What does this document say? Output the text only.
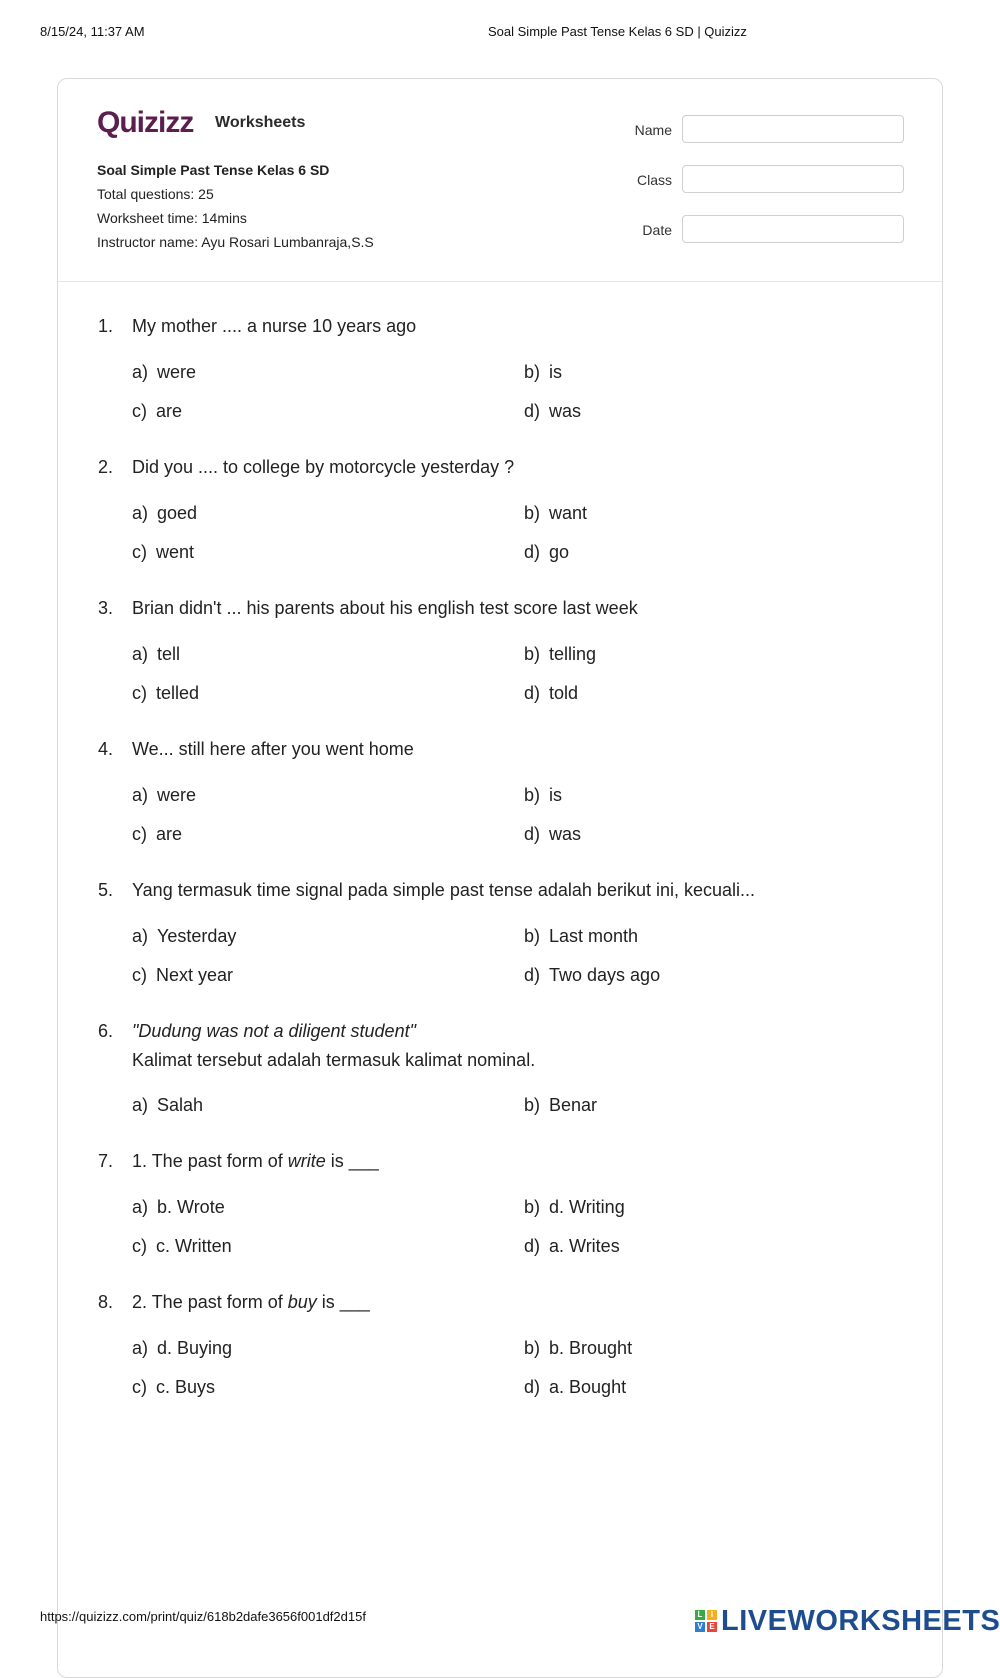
8/15/24, 11:37 AM	Soal Simple Past Tense Kelas 6 SD | Quizizz
Quizizz Worksheets
Soal Simple Past Tense Kelas 6 SD
Total questions: 25
Worksheet time: 14mins
Instructor name: Ayu Rosari Lumbanraja,S.S
Name
Class
Date
1.	My mother .... a nurse 10 years ago
a) were	b) is
c) are	d) was
2.	Did you .... to college by motorcycle yesterday ?
a) goed	b) want
c) went	d) go
3.	Brian didn't ... his parents about his english test score last week
a) tell	b) telling
c) telled	d) told
4.	We... still here after you went home
a) were	b) is
c) are	d) was
5.	Yang termasuk time signal pada simple past tense adalah berikut ini, kecuali...
a) Yesterday	b) Last month
c) Next year	d) Two days ago
6.	"Dudung was not a diligent student"
Kalimat tersebut adalah termasuk kalimat nominal.
a) Salah	b) Benar
7.	1. The past form of write is ___
a) b. Wrote	b) d. Writing
c) c. Written	d) a. Writes
8.	2. The past form of buy is ___
a) d. Buying	b) b. Brought
c) c. Buys	d) a. Bought
https://quizizz.com/print/quiz/618b2dafe3656f001df2d15f	L	I
V E LIVEWORKSHEETS
